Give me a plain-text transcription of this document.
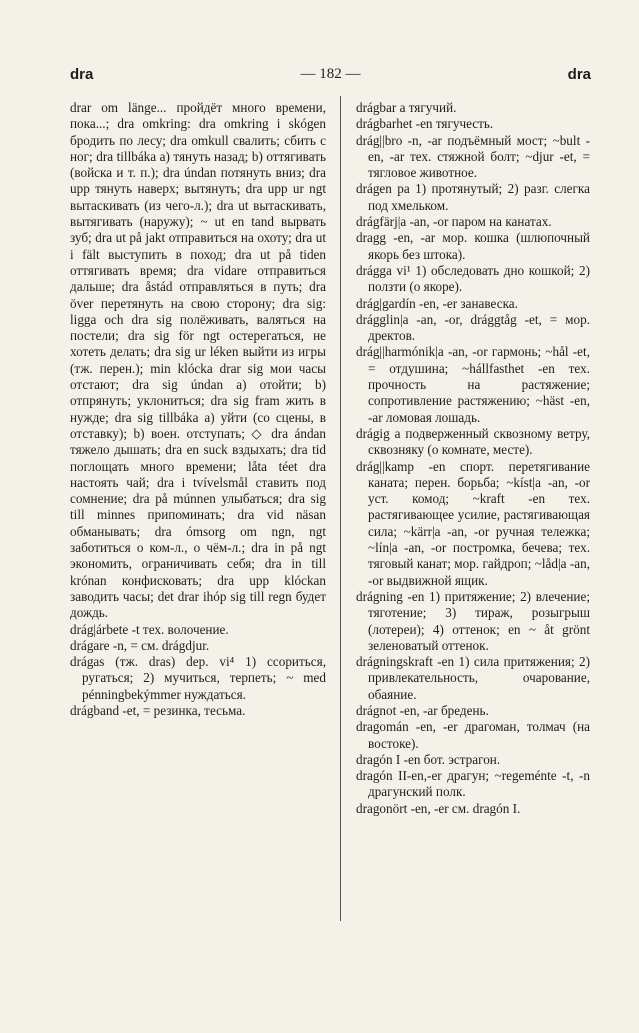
dra	— 182 —	dra

drar om länge... пройдёт много времени, пока...; dra omkring: dra omkring i skógen бродить по лесу; dra omkull свалить; сбить с ног; dra tillbáka а) тянуть назад; b) оттягивать (войска и т. п.); dra úndan потянуть вниз; dra upp тянуть наверх; вытянуть; dra upp ur ngt вытаскивать (из чего-л.); dra ut вытаскивать, вытягивать (наружу); ~ ut en tand вырвать зуб; dra ut på jakt отправиться на охоту; dra ut i fält выступить в поход; dra ut på tiden оттягивать время; dra vidare отправиться дальше; dra åstád отправляться в путь; dra över перетянуть на свою сторону; dra sig: ligga och dra sig полёживать, валяться на постели; dra sig för ngt остерегаться, не хотеть делать; dra sig ur léken выйти из игры (тж. перен.); min klócka drar sig мои часы отстают; dra sig úndan а) отойти; b) отпрянуть; уклониться; dra sig fram жить в нужде; dra sig tillbáka а) уйти (со сцены, в отставку); b) воен. отступать; ◇ dra ándan тяжело дышать; dra en suck вздыхать; dra tid поглощать много времени; låta téet dra настоять чай; dra i tvívelsmål ставить под сомнение; dra på múnnen улыбаться; dra sig till minnes припоминать; dra vid näsan обманывать; dra ómsorg om ngn, ngt заботиться о ком-л., о чём-л.; dra in på ngt экономить, ограничивать себя; dra in till krónan конфисковать; dra upp klóckan заводить часы; det drar ihóp sig till regn будет дождь.

drág|árbete -t тех. волочение.

drágare -n, = см. drágdjur.

drágas (тж. dras) dep. vi⁴ 1) ссориться, ругаться; 2) мучиться, терпеть; ~ med pénningbekýmmer нуждаться.

drágband -et, = резинка, тесьма.

drágbar a тягучий.

drágbarhet -en тягучесть.

drág||bro -n, -ar подъёмный мост; ~bult -en, -ar тех. стяжной болт; ~djur -et, = тягловое животное.

drágen pa 1) протянутый; 2) разг. слегка под хмельком.

drágfärj|a -an, -or паром на канатах.

dragg -en, -ar мор. кошка (шлюпочный якорь без штока).

drágga vi¹ 1) обследовать дно кошкой; 2) ползти (о якоре).

drág|gardín -en, -er занавеска.

drágglin|a -an, -or, drággtåg -et, = мор. дректов.

drág||harmónik|a -an, -or гармонь; ~hål -et, = отдушина; ~hállfasthet -en тех. прочность на растяжение; сопротивление растяжению; ~häst -en, -ar ломовая лошадь.

drágig a подверженный сквозному ветру, сквозняку (о комнате, месте).

drág||kamp -en спорт. перетягивание каната; перен. борьба; ~kíst|a -an, -or уст. комод; ~kraft -en тех. растягивающее усилие, растягивающая сила; ~kärr|a -an, -or ручная тележка; ~lín|a -an, -or постромка, бечева; тех. тяговый канат; мор. гайдроп; ~låd|a -an, -or выдвижной ящик.

drágning -en 1) притяжение; 2) влечение; тяготение; 3) тираж, розыгрыш (лотереи); 4) оттенок; en ~ åt grönt зеленоватый оттенок.

drágningskraft -en 1) сила притяжения; 2) привлекательность, очарование, обаяние.

drágnot -en, -ar бредень.

dragomán -en, -er драгоман, толмач (на востоке).

dragón I -en бот. эстрагон.

dragón II-en,-er драгун; ~regeménte -t, -n драгунский полк.

dragonört -en, -er см. dragón I.
